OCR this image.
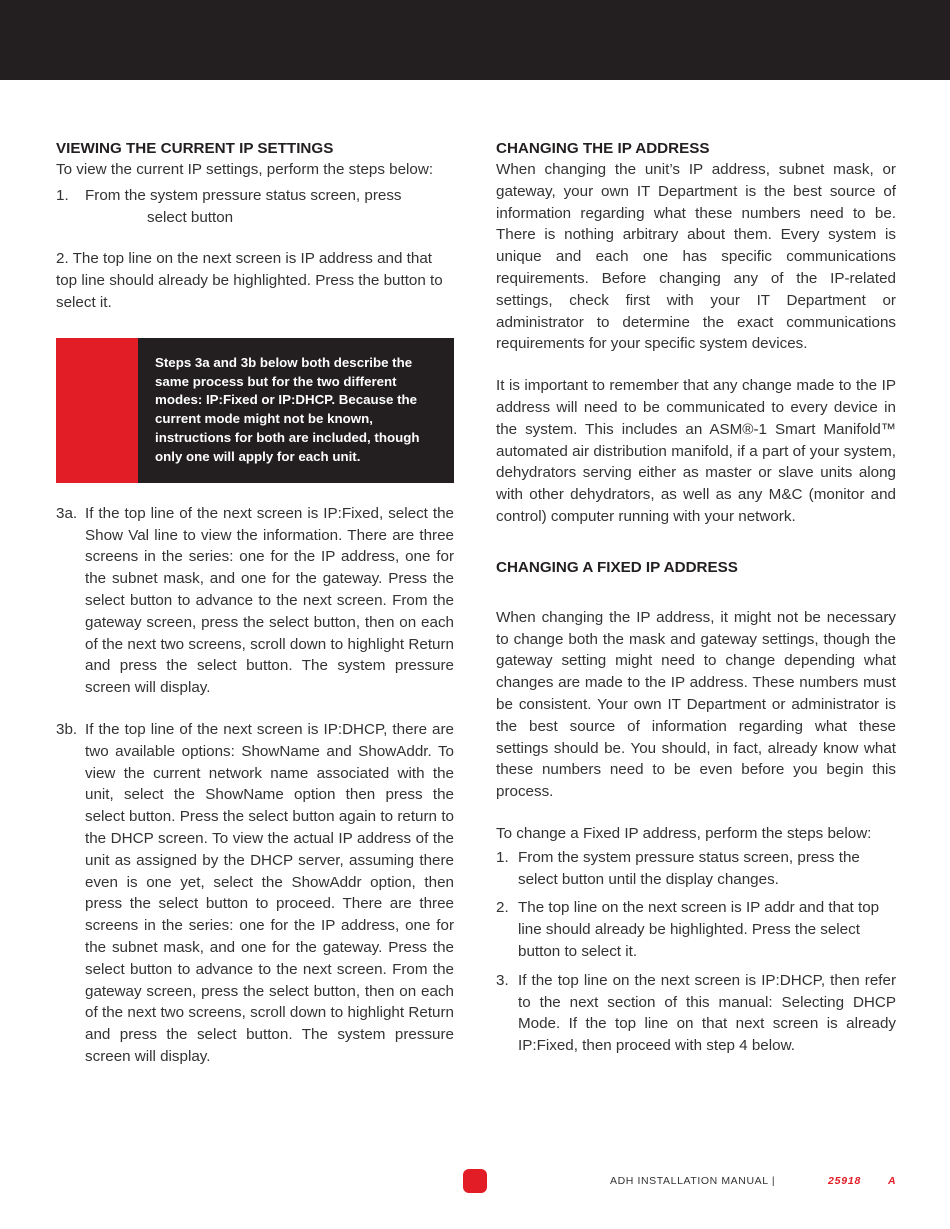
VIEWING THE CURRENT IP SETTINGS

To view the current IP settings, perform the steps below:

1. From the system pressure status screen, press
select button

2. The top line on the next screen is IP address and that top line should already be highlighted. Press the button to select it.

Steps 3a and 3b below both describe the same process but for the two different modes: IP:Fixed or IP:DHCP. Because the current mode might not be known, instructions for both are included, though only one will apply for each unit.
3a. If the top line of the next screen is IP:Fixed, select the Show Val line to view the information. There are three screens in the series: one for the IP address, one for the subnet mask, and one for the gateway. Press the select button to advance to the next screen. From the gateway screen, press the select button, then on each of the next two screens, scroll down to highlight Return and press the select button. The system pressure screen will display.
3b. If the top line of the next screen is IP:DHCP, there are two available options: ShowName and ShowAddr. To view the current network name associated with the unit, select the ShowName option then press the select button. Press the select button again to return to the DHCP screen. To view the actual IP address of the unit as assigned by the DHCP server, assuming there even is one yet, select the ShowAddr option, then press the select button to proceed. There are three screens in the series: one for the IP address, one for the subnet mask, and one for the gateway. Press the select button to advance to the next screen. From the gateway screen, press the select button, then on each of the next two screens, scroll down to highlight Return and press the select button. The system pressure screen will display.
CHANGING THE IP ADDRESS

When changing the unit’s IP address, subnet mask, or gateway, your own IT Department is the best source of information regarding what these numbers need to be. There is nothing arbitrary about them. Every system is unique and each one has specific communications requirements. Before changing any of the IP-related settings, check first with your IT Department or administrator to determine the exact communications requirements for your specific system devices.

It is important to remember that any change made to the IP address will need to be communicated to every device in the system. This includes an ASM®-1 Smart Manifold™ automated air distribution manifold, if a part of your system, dehydrators serving either as master or slave units along with other dehydrators, as well as any M&C (monitor and control) computer running with your network.

CHANGING A FIXED IP ADDRESS

When changing the IP address, it might not be necessary to change both the mask and gateway settings, though the gateway setting might need to change depending what changes are made to the IP address. These numbers must be consistent. Your own IT Department or administrator is the best source of information regarding what these settings should be. You should, in fact, already know what these numbers need to be even before you begin this process.

To change a Fixed IP address, perform the steps below:

1. From the system pressure status screen, press the select button until the display changes.
2. The top line on the next screen is IP addr and that top line should already be highlighted. Press the select button to select it.
3. If the top line on the next screen is IP:DHCP, then refer to the next section of this manual: Selecting DHCP Mode. If the top line on that next screen is already IP:Fixed, then proceed with step 4 below.
ADH INSTALLATION MANUAL |	25918	A
